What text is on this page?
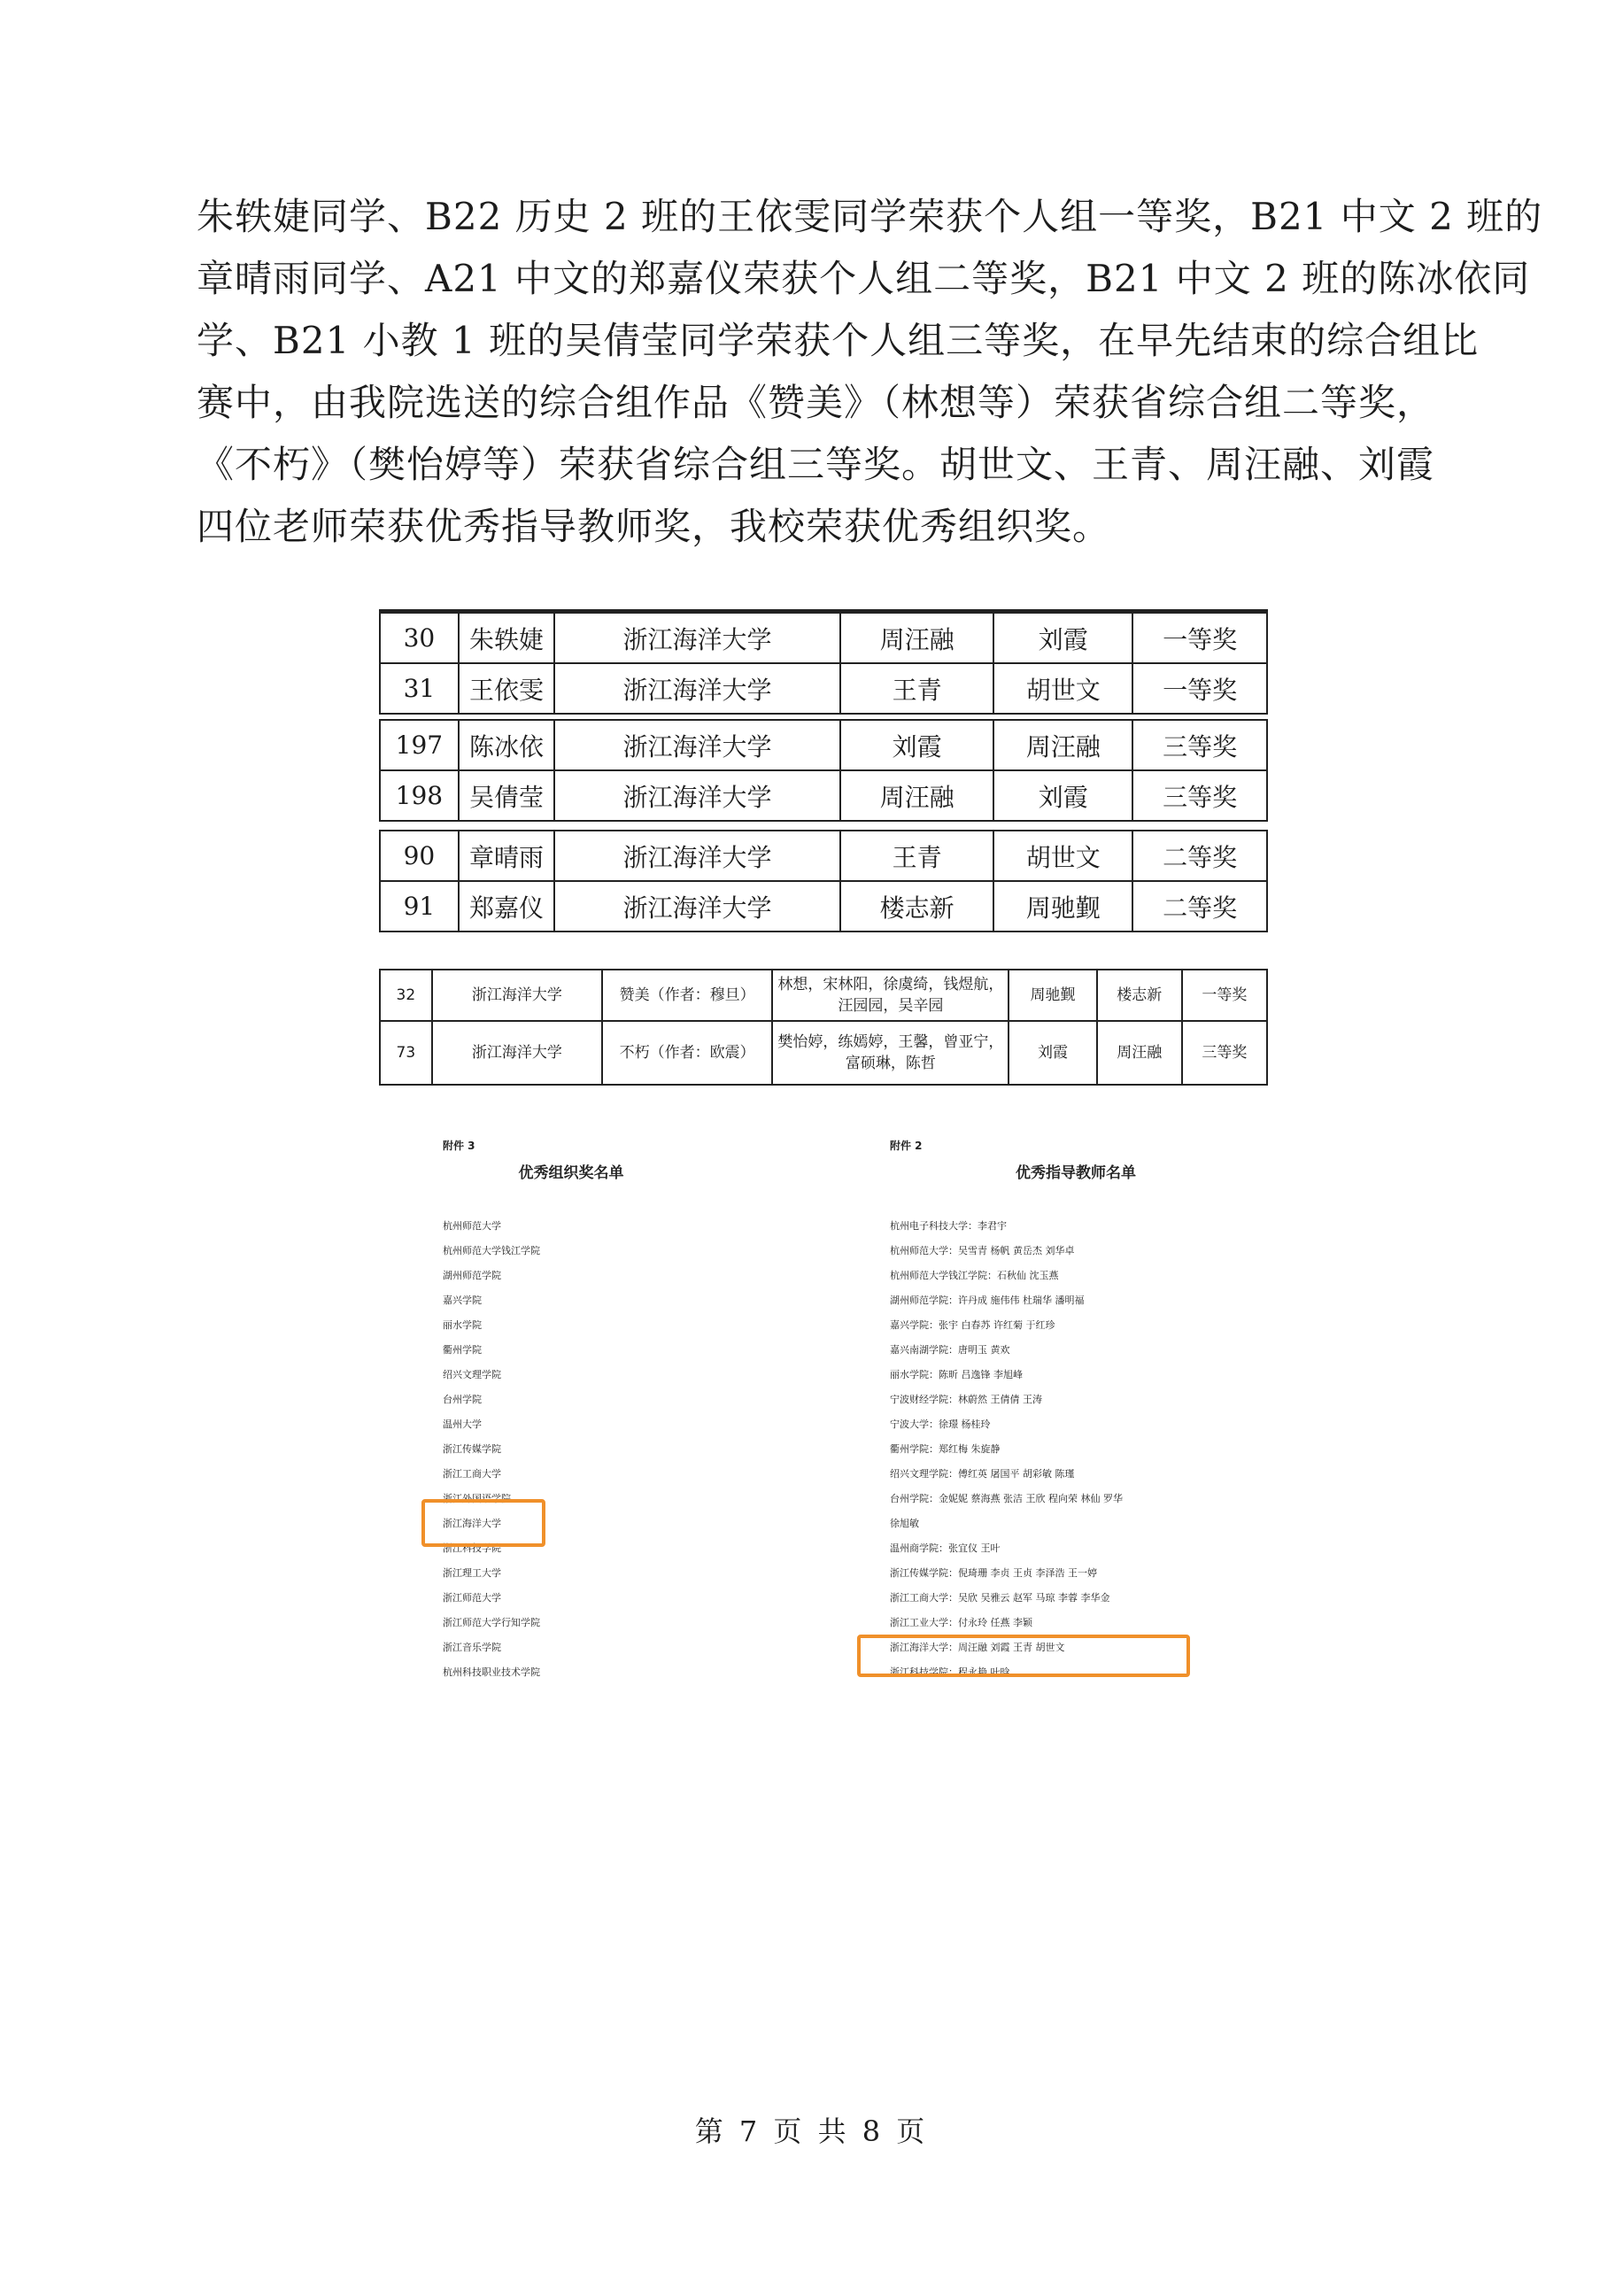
朱轶婕同学、B22 历史 2 班的王依雯同学荣获个人组一等奖，B21 中文 2 班的
章晴雨同学、A21 中文的郑嘉仪荣获个人组二等奖，B21 中文 2 班的陈冰依同
学、B21 小教 1 班的吴倩莹同学荣获个人组三等奖，在早先结束的综合组比
赛中，由我院选送的综合组作品《赞美》（林想等）荣获省综合组二等奖，
《不朽》（樊怡婷等）荣获省综合组三等奖。胡世文、王青、周汪融、刘霞
四位老师荣获优秀指导教师奖，我校荣获优秀组织奖。
30	朱轶婕	浙江海洋大学	周汪融	刘霞	一等奖
31	王依雯	浙江海洋大学	王青	胡世文	一等奖
197	陈冰依	浙江海洋大学	刘霞	周汪融	三等奖
198	吴倩莹	浙江海洋大学	周汪融	刘霞	三等奖
90	章晴雨	浙江海洋大学	王青	胡世文	二等奖
91	郑嘉仪	浙江海洋大学	楼志新	周驰觐	二等奖
32	浙江海洋大学	赞美（作者：穆旦）	林想，宋林阳，徐虞绮，钱煜航，汪园园，吴辛园	周驰觐	楼志新	一等奖
73	浙江海洋大学	不朽（作者：欧震）	樊怡婷，练嫣婷，王馨，曾亚宁，富硕琳，陈哲	刘霞	周汪融	三等奖
附件 3
优秀组织奖名单
杭州师范大学
杭州师范大学钱江学院
湖州师范学院
嘉兴学院
丽水学院
衢州学院
绍兴文理学院
台州学院
温州大学
浙江传媒学院
浙江工商大学
浙江外国语学院
浙江海洋大学
浙江科技学院
浙江理工大学
浙江师范大学
浙江师范大学行知学院
浙江音乐学院
杭州科技职业技术学院
附件 2
优秀指导教师名单
杭州电子科技大学：李君宇
杭州师范大学：吴雪青 杨帆 黄岳杰 刘华卓
杭州师范大学钱江学院：石秋仙 沈玉燕
湖州师范学院：许丹成 施伟伟 杜瑞华 潘明福
嘉兴学院：张宇 白春苏 许红菊 于红珍
嘉兴南湖学院：唐明玉 黄欢
丽水学院：陈昕 吕逸锋 李旭峰
宁波财经学院：林蔚然 王倩倩 王涛
宁波大学：徐璟 杨桂玲
衢州学院：郑红梅 朱旋静
绍兴文理学院：傅红英 屠国平 胡彩敏 陈瑾
台州学院：金妮妮 蔡海燕 张洁 王欣 程向荣 林仙 罗华
徐旭敏
温州商学院：张宜仪 王叶
浙江传媒学院：倪琦珊 李贞 王贞 李泽浩 王一婷
浙江工商大学：吴欣 吴雅云 赵军 马琼 李蓉 李华金
浙江工业大学：付永玲 任燕 李颖
浙江海洋大学：周汪融 刘霞 王青 胡世文
浙江科技学院：程永艳 叶晗
第 7 页 共 8 页
